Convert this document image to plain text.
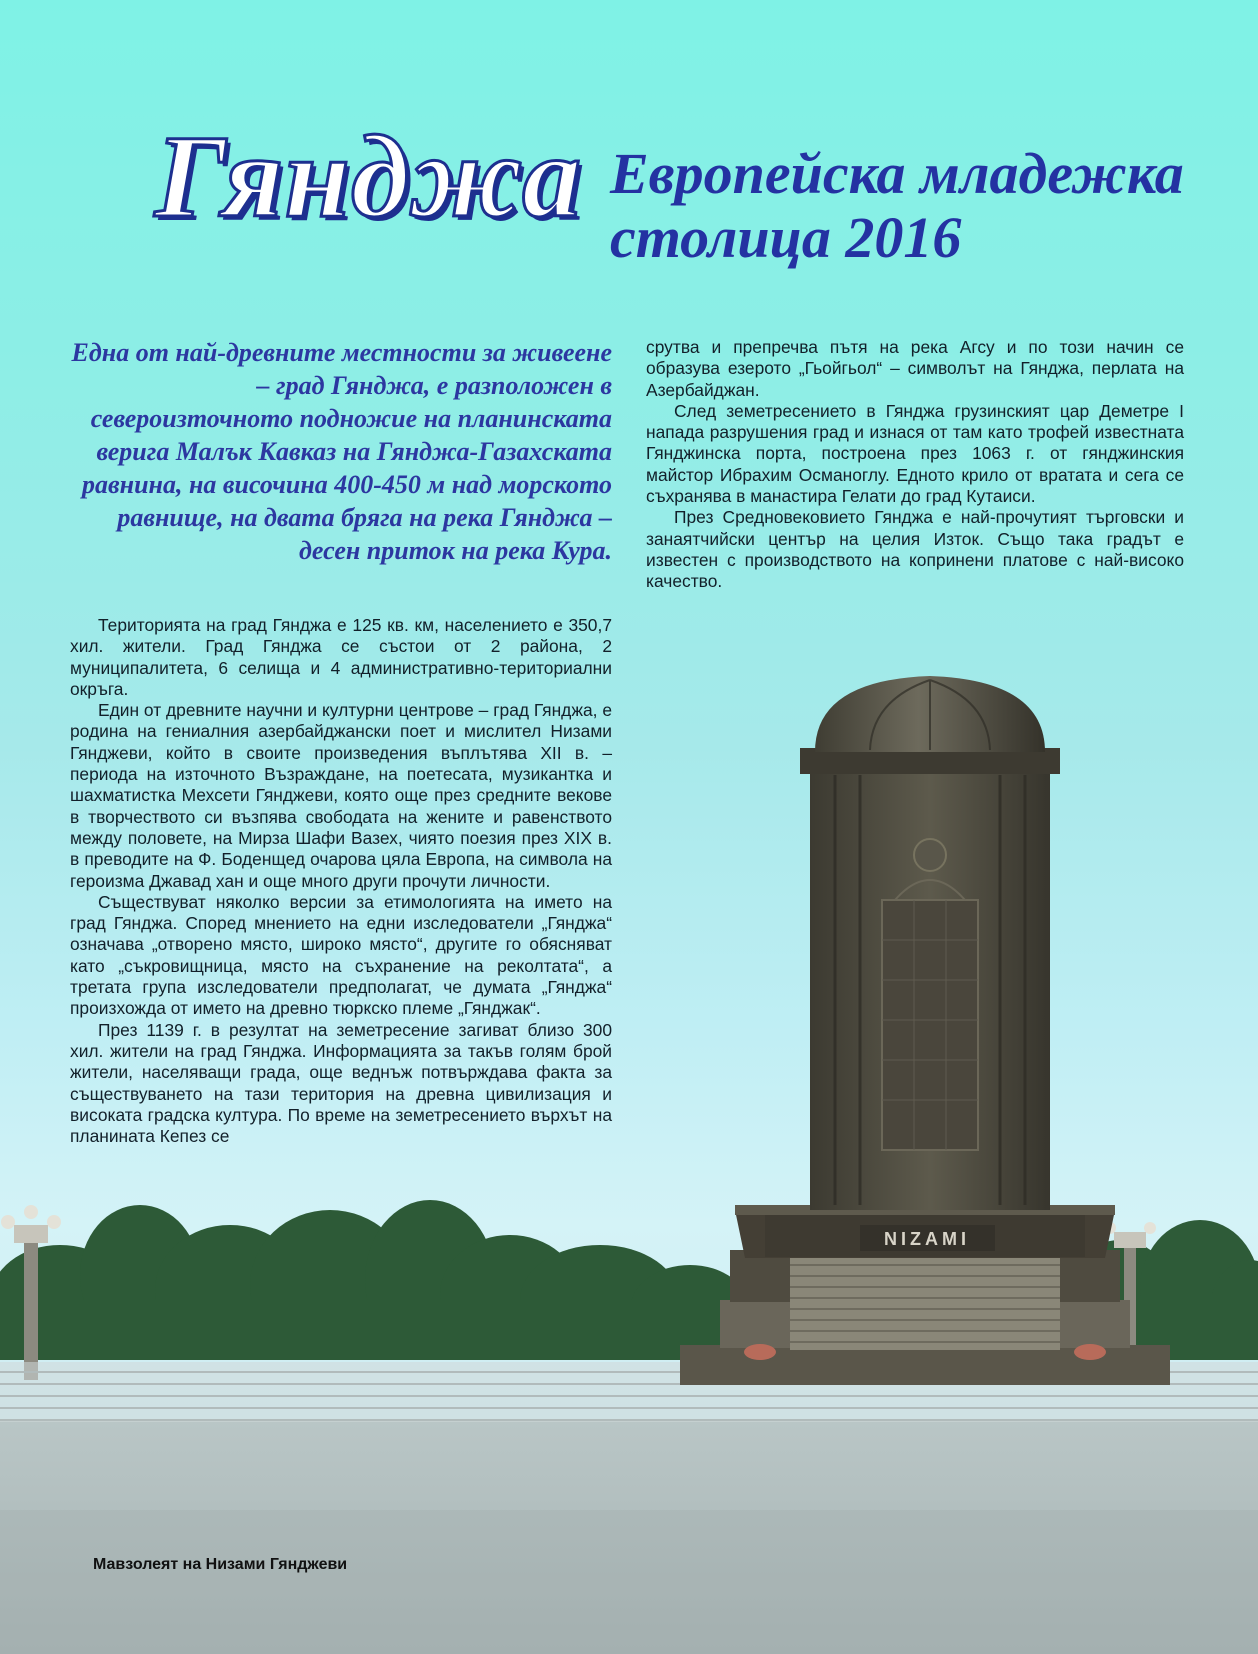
NIZAMI
Гянджа Европейска младежка
столица 2016
Една от най-древните местности за живеене – град Гянджа, е разположен в североизточното подножие на планинската верига Малък Кавказ на Гянджа-Газахската равнина, на височина 400-450 м над морското равнище, на двата бряга на река Гянджа – десен приток на река Кура.

Територията на град Гянджа е 125 кв. км, населението е 350,7 хил. жители. Град Гянджа се състои от 2 района, 2 муниципалитета, 6 селища и 4 административно-териториални окръга.

Един от древните научни и културни центрове – град Гянджа, е родина на гениалния азербайджански поет и мислител Низами Гянджеви, който в своите произведения въплътява XII в. – периода на източното Възраждане, на поетесата, музикантка и шахматистка Мехсети Гянджеви, която още през средните векове в творчеството си възпява свободата на жените и равенството между половете, на Мирза Шафи Вазех, чиято поезия през XIX в. в преводите на Ф. Боденщед очарова цяла Европа, на символа на героизма Джавад хан и още много други прочути личности.

Съществуват няколко версии за етимологията на името на град Гянджа. Според мнението на едни изследователи „Гянджа“ означава „отворено място, широко място“, другите го обясняват като „съкровищница, място на съхранение на реколтата“, а третата група изследователи предполагат, че думата „Гянджа“ произхожда от името на древно тюркско племе „Гянджак“.

През 1139 г. в резултат на земетресение загиват близо 300 хил. жители на град Гянджа. Информацията за такъв голям брой жители, населяващи града, още веднъж потвърждава факта за съществуването на тази територия на древна цивилизация и високата градска култура. По време на земетресението върхът на планината Кепез се

срутва и препречва пътя на река Агсу и по този начин се образува езерото „Гьойгьол“ – символът на Гянджа, перлата на Азербайджан.

След земетресението в Гянджа грузинският цар Деметре I напада разрушения град и изнася от там като трофей известната Гянджинска порта, построена през 1063 г. от гянджинския майстор Ибрахим Османоглу. Едното крило от вратата и сега се съхранява в манастира Гелати до град Кутаиси.

През Средновековието Гянджа е най-прочутият търговски и занаятчийски център на целия Изток. Също така градът е известен с производството на копринени платове с най-високо качество.

Мавзолеят на Низами Гянджеви
